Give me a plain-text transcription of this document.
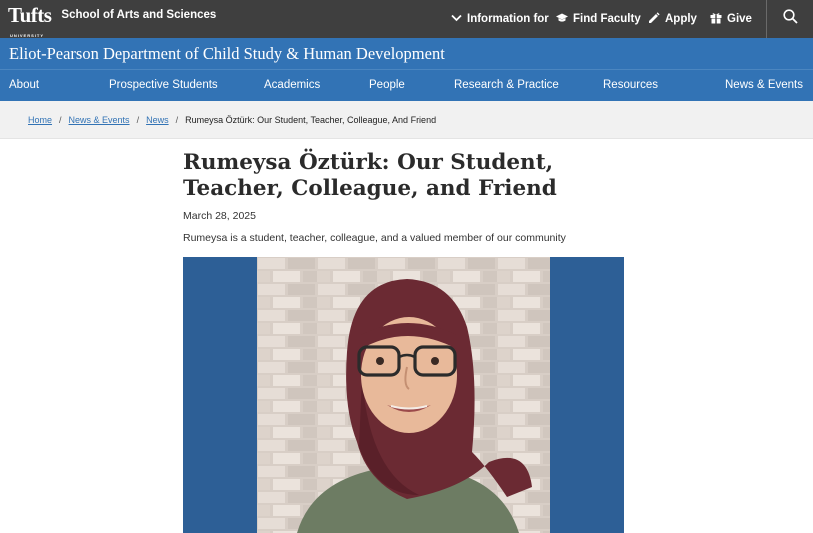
Tufts
UNIVERSITY
School of Arts and Sciences	Information for Find Faculty Apply	Give
Eliot-Pearson Department of Child Study & Human Development
About	Prospective Students	Academics	People	Research & Practice	Resources	News & Events
Home / News & Events / News / Rumeysa Öztürk: Our Student, Teacher, Colleague, And Friend
Rumeysa Öztürk: Our Student, Teacher, Colleague, and Friend
March 28, 2025
Rumeysa is a student, teacher, colleague, and a valued member of our community
